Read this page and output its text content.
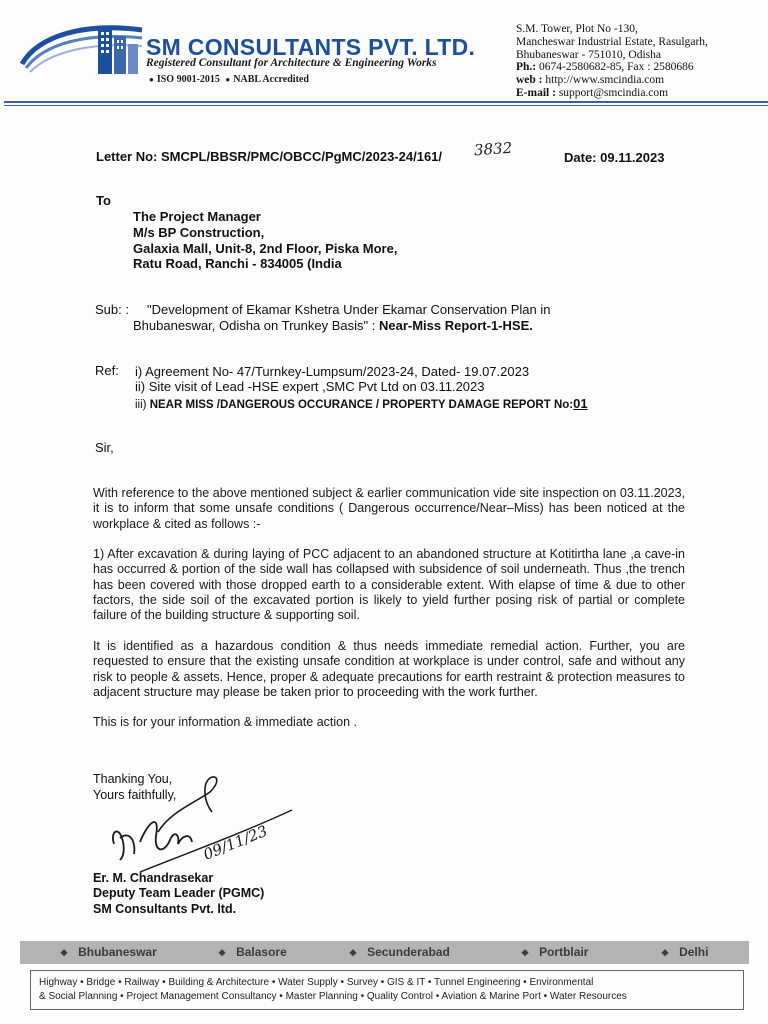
SM CONSULTANTS PVT. LTD.
Registered Consultant for Architecture & Engineering Works
● ISO 9001-2015 ● NABL Accredited
S.M. Tower, Plot No -130,
Mancheswar Industrial Estate, Rasulgarh,
Bhubaneswar - 751010, Odisha
Ph.: 0674-2580682-85, Fax : 2580686
web : http://www.smcindia.com
E-mail : support@smcindia.com
Letter No: SMCPL/BBSR/PMC/OBCC/PgMC/2023-24/161/ 3832	Date: 09.11.2023
To
The Project Manager
M/s BP Construction,
Galaxia Mall, Unit-8, 2nd Floor, Piska More,
Ratu Road, Ranchi - 834005 (India
Sub: : "Development of Ekamar Kshetra Under Ekamar Conservation Plan in
Bhubaneswar, Odisha on Trunkey Basis" : Near-Miss Report-1-HSE.
Ref: i) Agreement No- 47/Turnkey-Lumpsum/2023-24, Dated- 19.07.2023
ii) Site visit of Lead -HSE expert ,SMC Pvt Ltd on 03.11.2023
iii) NEAR MISS /DANGEROUS OCCURANCE / PROPERTY DAMAGE REPORT No:01
Sir,
With reference to the above mentioned subject & earlier communication vide site inspection on 03.11.2023, it is to inform that some unsafe conditions ( Dangerous occurrence/Near–Miss) has been noticed at the workplace & cited as follows :-
1) After excavation & during laying of PCC adjacent to an abandoned structure at Kotitirtha lane ,a cave-in has occurred & portion of the side wall has collapsed with subsidence of soil underneath. Thus ,the trench has been covered with those dropped earth to a considerable extent. With elapse of time & due to other factors, the side soil of the excavated portion is likely to yield further posing risk of partial or complete failure of the building structure & supporting soil.
It is identified as a hazardous condition & thus needs immediate remedial action. Further, you are requested to ensure that the existing unsafe condition at workplace is under control, safe and without any risk to people & assets. Hence, proper & adequate precautions for earth restraint & protection measures to adjacent structure may please be taken prior to proceeding with the work further.
This is for your information & immediate action .
Thanking You,
Yours faithfully,
09/11/23
Er. M. Chandrasekar
Deputy Team Leader (PGMC)
SM Consultants Pvt. ltd.
❖ Bhubaneswar	❖ Balasore	❖ Secunderabad	❖ Portblair	❖ Delhi
Highway • Bridge • Railway • Building & Architecture • Water Supply • Survey • GIS & IT • Tunnel Engineering • Environmental
& Social Planning • Project Management Consultancy • Master Planning • Quality Control • Aviation & Marine Port • Water Resources
